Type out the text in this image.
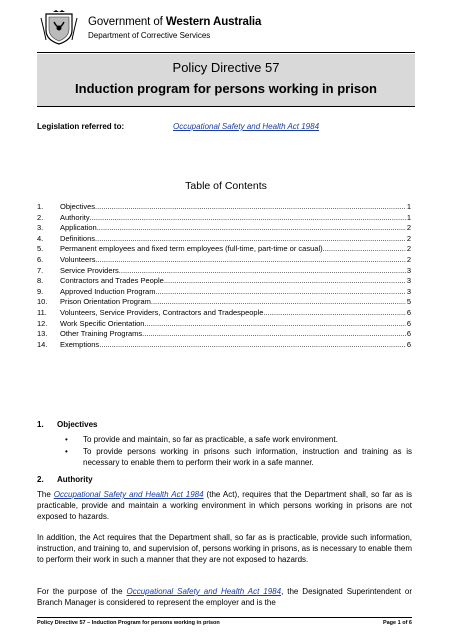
Government of Western Australia
Department of Corrective Services
Policy Directive 57
Induction program for persons working in prison
Legislation referred to:	Occupational Safety and Health Act 1984
Table of Contents
1.	Objectives .....	1
2.	Authority .....	1
3.	Application .....	2
4.	Definitions .....	2
5.	Permanent employees and fixed term employees (full-time, part-time or casual) .....	2
6.	Volunteers .....	2
7.	Service Providers .....	3
8.	Contractors and Trades People .....	3
9.	Approved Induction Program .....	3
10.	Prison Orientation Program .....	5
11.	Volunteers, Service Providers, Contractors and Tradespeople .....	6
12.	Work Specific Orientation .....	6
13.	Other Training Programs .....	6
14.	Exemptions .....	6
1. Objectives
• To provide and maintain, so far as practicable, a safe work environment.
• To provide persons working in prisons such information, instruction and training as is necessary to enable them to perform their work in a safe manner.
2. Authority
The Occupational Safety and Health Act 1984 (the Act), requires that the Department shall, so far as is practicable, provide and maintain a working environment in which persons working in prisons are not exposed to hazards.
In addition, the Act requires that the Department shall, so far as is practicable, provide such information, instruction, and training to, and supervision of, persons working in prisons, as is necessary to enable them to perform their work in such a manner that they are not exposed to hazards.
For the purpose of the Occupational Safety and Health Act 1984, the Designated Superintendent or Branch Manager is considered to represent the employer and is the
Policy Directive 57 – Induction Program for persons working in prison	Page 1 of 6
